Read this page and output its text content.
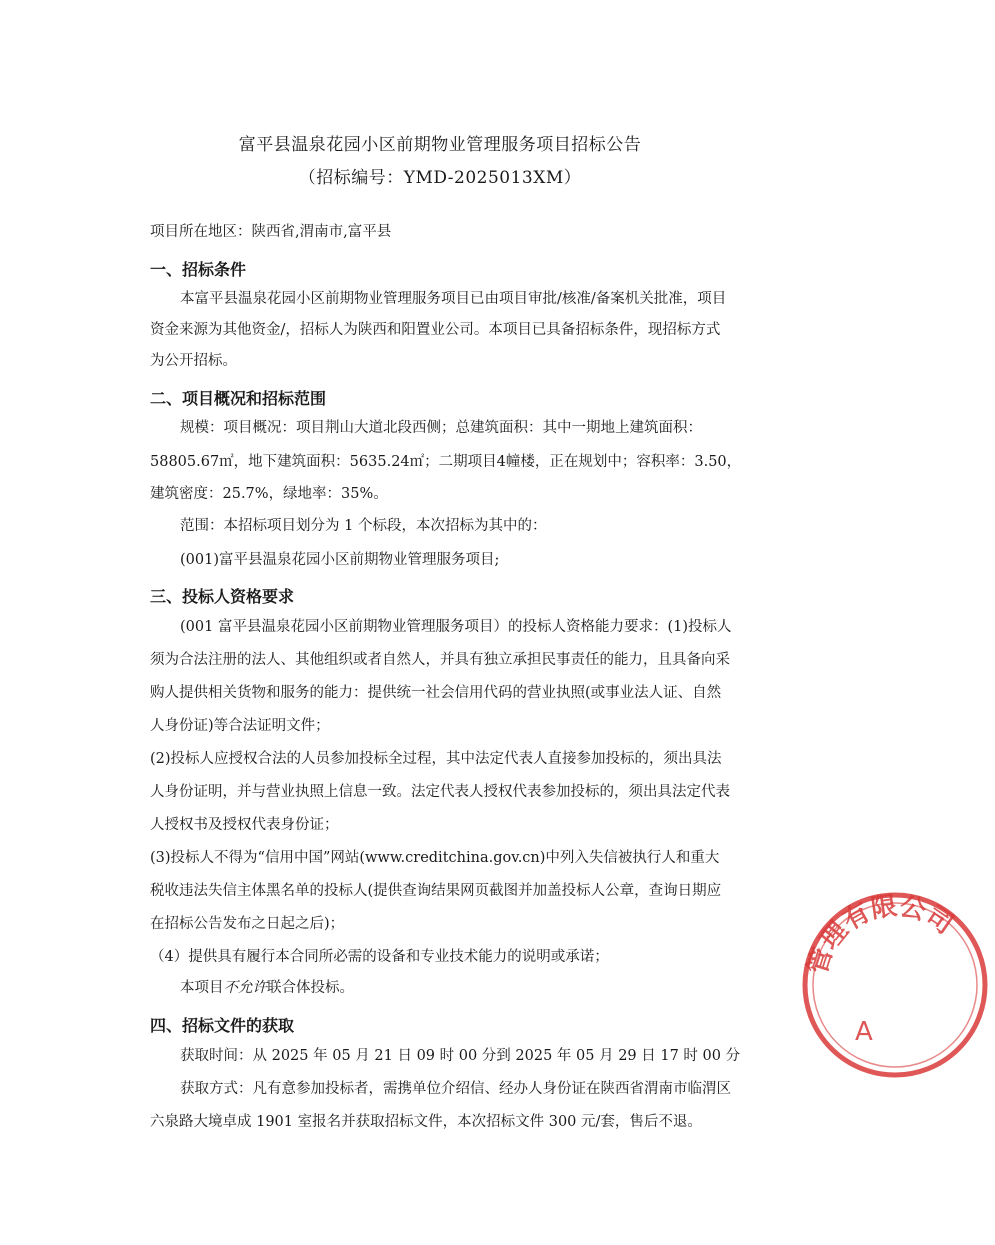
富平县温泉花园小区前期物业管理服务项目招标公告
（招标编号：YMD-2025013XM）
项目所在地区：陕西省,渭南市,富平县
一、招标条件
本富平县温泉花园小区前期物业管理服务项目已由项目审批/核准/备案机关批准，项目
资金来源为其他资金/，招标人为陕西和阳置业公司。本项目已具备招标条件，现招标方式
为公开招标。
二、项目概况和招标范围
规模：项目概况：项目荆山大道北段西侧；总建筑面积：其中一期地上建筑面积：
58805.67㎡，地下建筑面积：5635.24㎡；二期项目4幢楼，正在规划中；容积率：3.50，
建筑密度：25.7%，绿地率：35%。
范围：本招标项目划分为 1 个标段，本次招标为其中的：
(001)富平县温泉花园小区前期物业管理服务项目;
三、投标人资格要求
(001 富平县温泉花园小区前期物业管理服务项目）的投标人资格能力要求：(1)投标人
须为合法注册的法人、其他组织或者自然人，并具有独立承担民事责任的能力，且具备向采
购人提供相关货物和服务的能力：提供统一社会信用代码的营业执照(或事业法人证、自然
人身份证)等合法证明文件；
(2)投标人应授权合法的人员参加投标全过程，其中法定代表人直接参加投标的，须出具法
人身份证明，并与营业执照上信息一致。法定代表人授权代表参加投标的，须出具法定代表
人授权书及授权代表身份证；
(3)投标人不得为“信用中国”网站(www.creditchina.gov.cn)中列入失信被执行人和重大
税收违法失信主体黑名单的投标人(提供查询结果网页截图并加盖投标人公章，查询日期应
在招标公告发布之日起之后)；
（4）提供具有履行本合同所必需的设备和专业技术能力的说明或承诺；
本项目不允许联合体投标。
四、招标文件的获取
获取时间：从 2025 年 05 月 21 日 09 时 00 分到 2025 年 05 月 29 日 17 时 00 分
获取方式：凡有意参加投标者，需携单位介绍信、经办人身份证在陕西省渭南市临渭区
六泉路大境卓成 1901 室报名并获取招标文件，本次招标文件 300 元/套，售后不退。
管理有限公司
A
